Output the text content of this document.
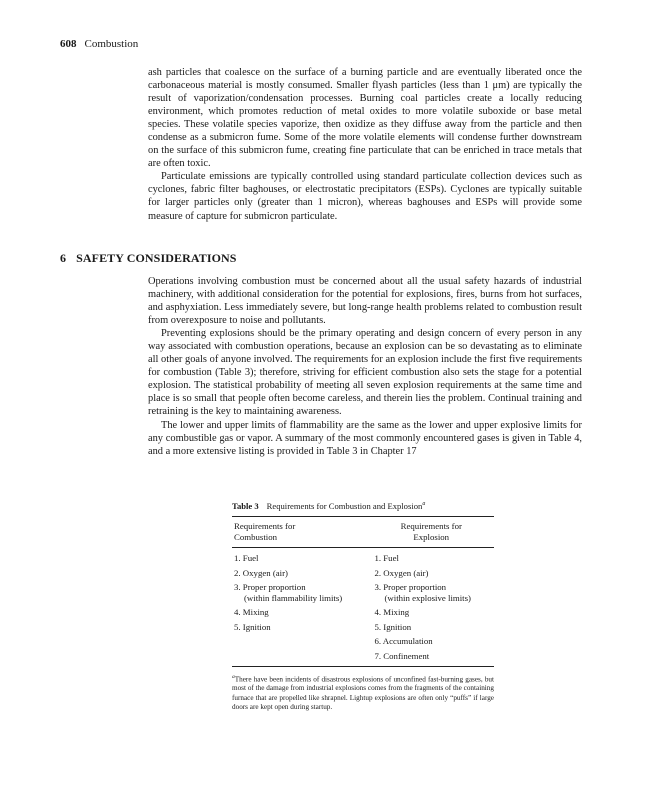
608 Combustion

ash particles that coalesce on the surface of a burning particle and are eventually liberated once the carbonaceous material is mostly consumed. Smaller flyash particles (less than 1 μm) are typically the result of vaporization/condensation processes. Burning coal particles create a locally reducing environment, which promotes reduction of metal oxides to more volatile suboxide or base metal species. These volatile species vaporize, then oxidize as they diffuse away from the particle and then condense as a submicron fume. Some of the more volatile elements will condense further downstream on the surface of this submicron fume, creating fine particulate that can be enriched in trace metals that are often toxic.

Particulate emissions are typically controlled using standard particulate collection devices such as cyclones, fabric filter baghouses, or electrostatic precipitators (ESPs). Cyclones are typically suitable for larger particles only (greater than 1 micron), whereas baghouses and ESPs will provide some measure of capture for submicron particulate.

6 SAFETY CONSIDERATIONS

Operations involving combustion must be concerned about all the usual safety hazards of industrial machinery, with additional consideration for the potential for explosions, fires, burns from hot surfaces, and asphyxiation. Less immediately severe, but long-range health problems related to combustion result from overexposure to noise and pollutants.

Preventing explosions should be the primary operating and design concern of every person in any way associated with combustion operations, because an explosion can be so devastating as to eliminate all other goals of anyone involved. The requirements for an explosion include the first five requirements for combustion (Table 3); therefore, striving for efficient combustion also sets the stage for a potential explosion. The statistical probability of meeting all seven explosion requirements at the same time and place is so small that people often become careless, and therein lies the problem. Continual training and retraining is the key to maintaining awareness.

The lower and upper limits of flammability are the same as the lower and upper explosive limits for any combustible gas or vapor. A summary of the most commonly encountered gases is given in Table 4, and a more extensive listing is provided in Table 3 in Chapter 17

Table 3 Requirements for Combustion and Explosion$^a$
Requirements for
Combustion	Requirements for
Explosion
1. Fuel	1. Fuel
2. Oxygen (air)	2. Oxygen (air)
3. Proper proportion
(within flammability limits)	3. Proper proportion
(within explosive limits)

4. Mixing	4. Mixing
5. Ignition	5. Ignition
	6. Accumulation
	7. Confinement
$^a$There have been incidents of disastrous explosions of unconfined fast-burning gases, but most of the damage from industrial explosions comes from the fragments of the containing furnace that are propelled like shrapnel. Lightup explosions are often only “puffs” if large doors are kept open during startup.
